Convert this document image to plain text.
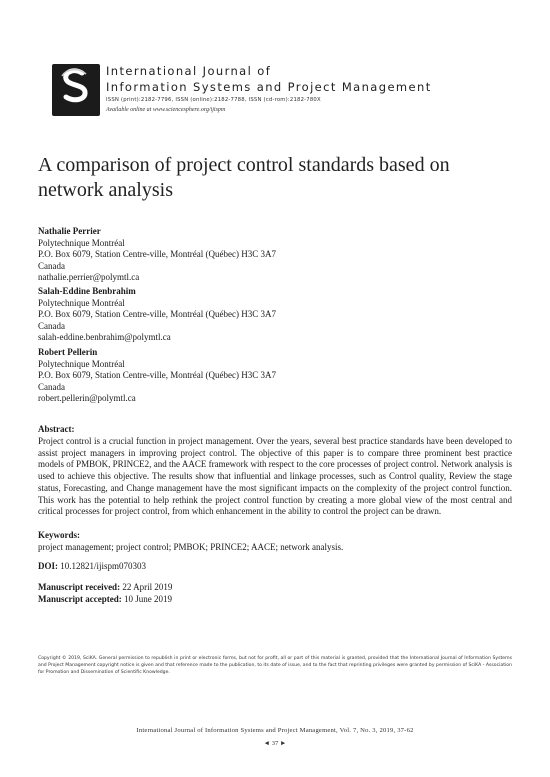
SciKA
International Journal of
Information Systems and Project Management
ISSN (print):2182-7796, ISSN (online):2182-7788, ISSN (cd-rom):2182-780X
Available online at www.sciencesphere.org/ijispm
A comparison of project control standards based on network analysis
Nathalie Perrier
Polytechnique Montréal
P.O. Box 6079, Station Centre-ville, Montréal (Québec) H3C 3A7
Canada
nathalie.perrier@polymtl.ca
Salah-Eddine Benbrahim
Polytechnique Montréal
P.O. Box 6079, Station Centre-ville, Montréal (Québec) H3C 3A7
Canada
salah-eddine.benbrahim@polymtl.ca
Robert Pellerin
Polytechnique Montréal
P.O. Box 6079, Station Centre-ville, Montréal (Québec) H3C 3A7
Canada
robert.pellerin@polymtl.ca
Abstract:
Project control is a crucial function in project management. Over the years, several best practice standards have been developed to assist project managers in improving project control. The objective of this paper is to compare three prominent best practice models of PMBOK, PRINCE2, and the AACE framework with respect to the core processes of project control. Network analysis is used to achieve this objective. The results show that influential and linkage processes, such as Control quality, Review the stage status, Forecasting, and Change management have the most significant impacts on the complexity of the project control function. This work has the potential to help rethink the project control function by creating a more global view of the most central and critical processes for project control, from which enhancement in the ability to control the project can be drawn.
Keywords:
project management; project control; PMBOK; PRINCE2; AACE; network analysis.
DOI: 10.12821/ijispm070303
Manuscript received: 22 April 2019
Manuscript accepted: 10 June 2019
Copyright © 2019, SciKA. General permission to republish in print or electronic forms, but not for profit, all or part of this material is granted, provided that the International Journal of Information Systems and Project Management copyright notice is given and that reference made to the publication, to its date of issue, and to the fact that reprinting privileges were granted by permission of SciKA - Association for Promotion and Dissemination of Scientific Knowledge.
International Journal of Information Systems and Project Management, Vol. 7, No. 3, 2019, 37-62
◄ 37 ►
